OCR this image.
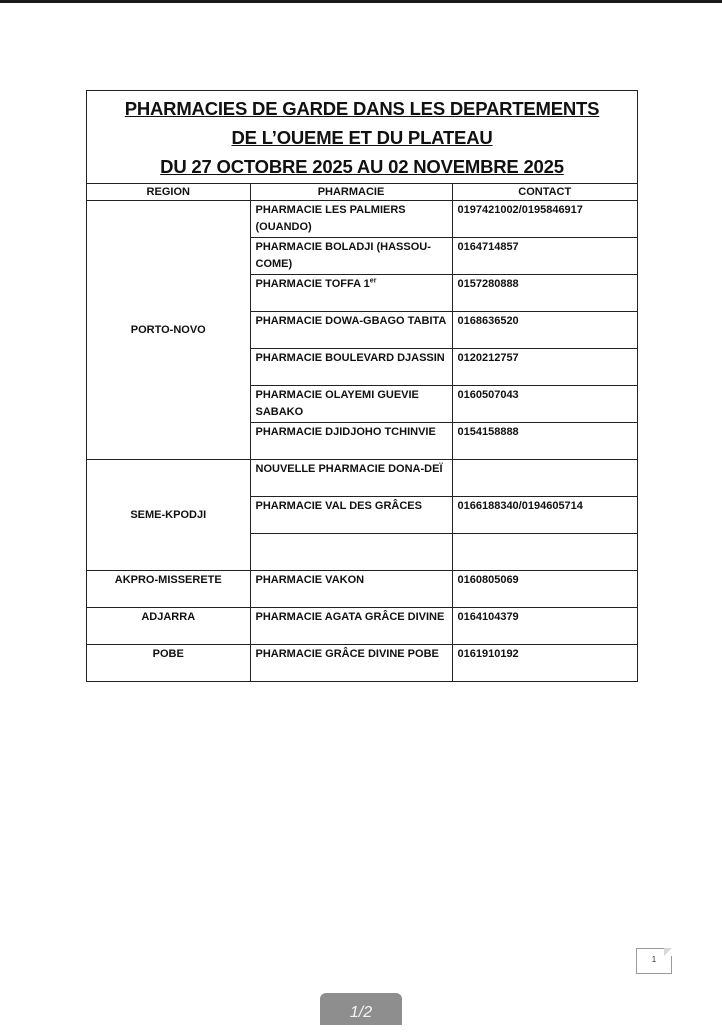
PHARMACIES DE GARDE DANS LES DEPARTEMENTS
DE L’OUEME ET DU PLATEAU
DU 27 OCTOBRE 2025 AU 02 NOVEMBRE 2025
REGION	PHARMACIE	CONTACT
PORTO-NOVO	PHARMACIE LES PALMIERS (OUANDO)	0197421002/0195846917
	PHARMACIE BOLADJI (HASSOU-COME)	0164714857
	PHARMACIE TOFFA 1er	0157280888
	PHARMACIE DOWA-GBAGO TABITA	0168636520
	PHARMACIE BOULEVARD DJASSIN	0120212757
	PHARMACIE OLAYEMI GUEVIE SABAKO	0160507043
	PHARMACIE DJIDJOHO TCHINVIE	0154158888
SEME-KPODJI	NOUVELLE PHARMACIE DONA-DEÏ	
	PHARMACIE VAL DES GRÂCES	0166188340/0194605714

AKPRO-MISSERETE	PHARMACIE VAKON	0160805069
ADJARRA	PHARMACIE AGATA GRÂCE DIVINE	0164104379
POBE	PHARMACIE GRÂCE DIVINE POBE	0161910192
1
1/2
